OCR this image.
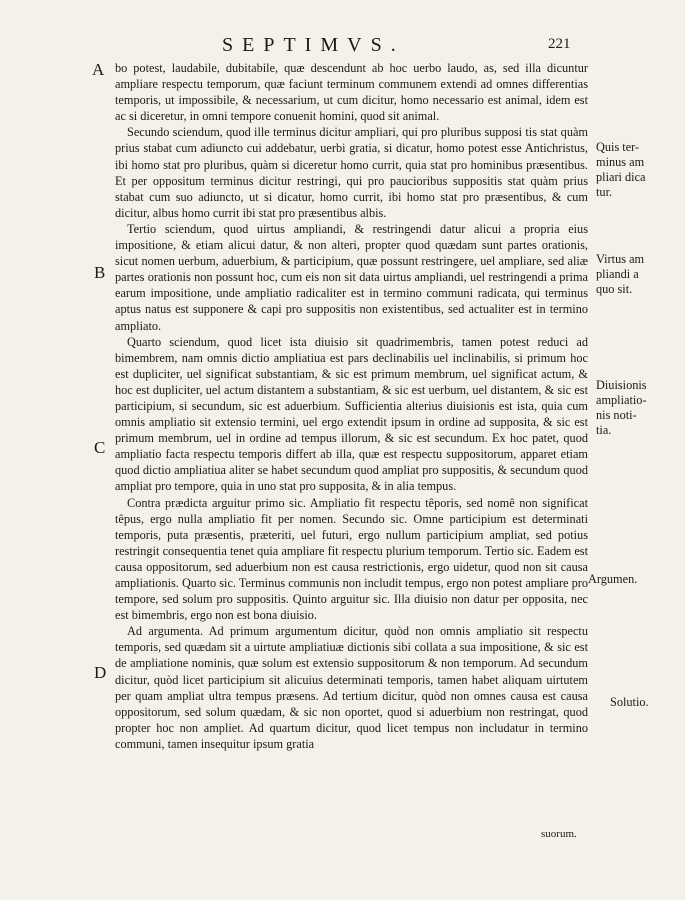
SEPTIMVS.	221
A
B
C
D

bo potest, laudabile, dubitabile, quæ descendunt ab hoc uerbo laudo, as, sed illa dicuntur ampliare respectu temporum, quæ faciunt terminum communem extendi ad omnes differentias temporis, ut impossibile, & necessarium, ut cum dicitur, homo necessario est animal, idem est ac si diceretur, in omni tempore conuenit homini, quod sit animal.

Secundo sciendum, quod ille terminus dicitur ampliari, qui pro pluribus supposi tis stat quàm prius stabat cum adiuncto cui addebatur, uerbi gratia, si dicatur, homo potest esse Antichristus, ibi homo stat pro pluribus, quàm si diceretur homo currit, quia stat pro hominibus præsentibus. Et per oppositum terminus dicitur restringi, qui pro paucioribus suppositis stat quàm prius stabat cum suo adiuncto, ut si dicatur, homo currit, ibi homo stat pro præsentibus, & cum dicitur, albus homo currit ibi stat pro præsentibus albis.

Tertio sciendum, quod uirtus ampliandi, & restringendi datur alicui a propria eius impositione, & etiam alicui datur, & non alteri, propter quod quædam sunt partes orationis, sicut nomen uerbum, aduerbium, & participium, quæ possunt restringere, uel ampliare, sed aliæ partes orationis non possunt hoc, cum eis non sit data uirtus ampliandi, uel restringendi a prima earum impositione, unde ampliatio radicaliter est in termino communi radicata, qui terminus aptus natus est supponere & capi pro suppositis non existentibus, sed actualiter est in termino ampliato.

Quarto sciendum, quod licet ista diuisio sit quadrimembris, tamen potest reduci ad bimembrem, nam omnis dictio ampliatiua est pars declinabilis uel inclinabilis, si primum hoc est dupliciter, uel significat substantiam, & sic est primum membrum, uel significat actum, & hoc est dupliciter, uel actum distantem a substantiam, & sic est uerbum, uel distantem, & sic est participium, si secundum, sic est aduerbium. Sufficientia alterius diuisionis est ista, quia cum omnis ampliatio sit extensio termini, uel ergo extendit ipsum in ordine ad supposita, & sic est primum membrum, uel in ordine ad tempus illorum, & sic est secundum. Ex hoc patet, quod ampliatio facta respectu temporis differt ab illa, quæ est respectu suppositorum, apparet etiam quod dictio ampliatiua aliter se habet secundum quod ampliat pro suppositis, & secundum quod ampliat pro tempore, quia in uno stat pro supposita, & in alia tempus.

Contra prædicta arguitur primo sic. Ampliatio fit respectu têporis, sed nomê non significat têpus, ergo nulla ampliatio fit per nomen. Secundo sic. Omne participium est determinati temporis, puta præsentis, præteriti, uel futuri, ergo nullum participium ampliat, sed potius restringit consequentia tenet quia ampliare fit respectu plurium temporum. Tertio sic. Eadem est causa oppositorum, sed aduerbium non est causa restrictionis, ergo uidetur, quod non sit causa ampliationis. Quarto sic. Terminus communis non includit tempus, ergo non potest ampliare pro tempore, sed solum pro suppositis. Quinto arguitur sic. Illa diuisio non datur per opposita, nec est bimembris, ergo non est bona diuisio.

Ad argumenta. Ad primum argumentum dicitur, quòd non omnis ampliatio sit respectu temporis, sed quædam sit a uirtute ampliatiuæ dictionis sibi collata a sua impositione, & sic est de ampliatione nominis, quæ solum est extensio suppositorum & non temporum. Ad secundum dicitur, quòd licet participium sit alicuius determinati temporis, tamen habet aliquam uirtutem per quam ampliat ultra tempus præsens. Ad tertium dicitur, quòd non omnes causa est causa oppositorum, sed solum quædam, & sic non oportet, quod si aduerbium non restringat, quod propter hoc non ampliet. Ad quartum dicitur, quod licet tempus non includatur in termino communi, tamen insequitur ipsum gratia

Quis ter-
minus am
pliari dica
tur.
Virtus am
pliandi a
quo sit.
Diuisionis
ampliatio-
nis noti-
tia.
Argumen.
Solutio.
suorum.
